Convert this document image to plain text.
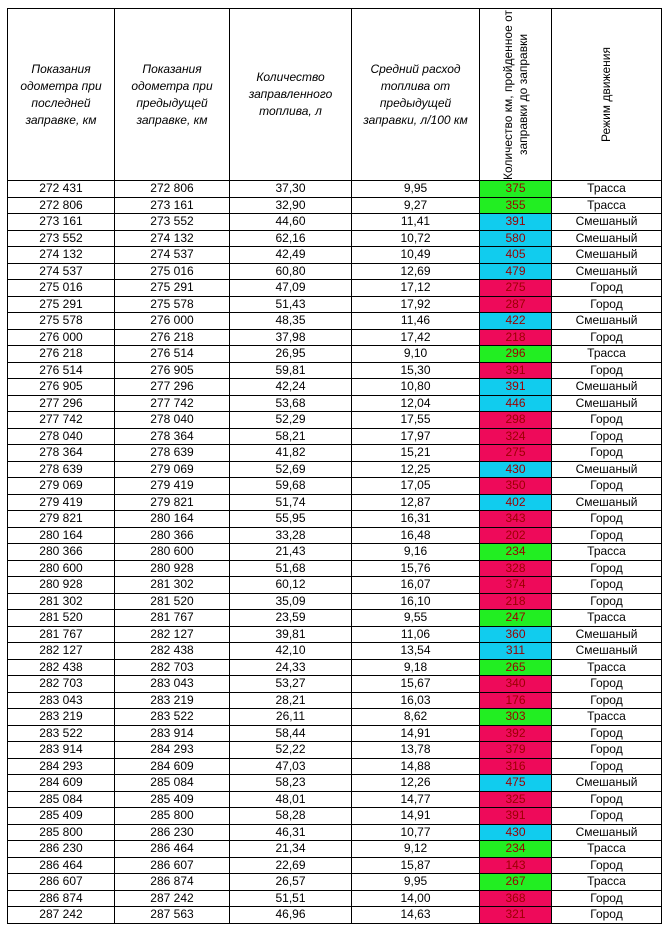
Показания одометра при последней заправке, км	Показания одометра при предыдущей заправке, км	Количество заправленного топлива, л	Средний расход топлива от предыдущей заправки, л/100 км	Количество км, пройденное от заправки до заправки	Режим движения

272 431	272 806	37,30	9,95	375	Трасса
272 806	273 161	32,90	9,27	355	Трасса
273 161	273 552	44,60	11,41	391	Смешаный
273 552	274 132	62,16	10,72	580	Смешаный
274 132	274 537	42,49	10,49	405	Смешаный
274 537	275 016	60,80	12,69	479	Смешаный
275 016	275 291	47,09	17,12	275	Город
275 291	275 578	51,43	17,92	287	Город
275 578	276 000	48,35	11,46	422	Смешаный
276 000	276 218	37,98	17,42	218	Город
276 218	276 514	26,95	9,10	296	Трасса
276 514	276 905	59,81	15,30	391	Город
276 905	277 296	42,24	10,80	391	Смешаный
277 296	277 742	53,68	12,04	446	Смешаный
277 742	278 040	52,29	17,55	298	Город
278 040	278 364	58,21	17,97	324	Город
278 364	278 639	41,82	15,21	275	Город
278 639	279 069	52,69	12,25	430	Смешаный
279 069	279 419	59,68	17,05	350	Город
279 419	279 821	51,74	12,87	402	Смешаный
279 821	280 164	55,95	16,31	343	Город
280 164	280 366	33,28	16,48	202	Город
280 366	280 600	21,43	9,16	234	Трасса
280 600	280 928	51,68	15,76	328	Город
280 928	281 302	60,12	16,07	374	Город
281 302	281 520	35,09	16,10	218	Город
281 520	281 767	23,59	9,55	247	Трасса
281 767	282 127	39,81	11,06	360	Смешаный
282 127	282 438	42,10	13,54	311	Смешаный
282 438	282 703	24,33	9,18	265	Трасса
282 703	283 043	53,27	15,67	340	Город
283 043	283 219	28,21	16,03	176	Город
283 219	283 522	26,11	8,62	303	Трасса
283 522	283 914	58,44	14,91	392	Город
283 914	284 293	52,22	13,78	379	Город
284 293	284 609	47,03	14,88	316	Город
284 609	285 084	58,23	12,26	475	Смешаный
285 084	285 409	48,01	14,77	325	Город
285 409	285 800	58,28	14,91	391	Город
285 800	286 230	46,31	10,77	430	Смешаный
286 230	286 464	21,34	9,12	234	Трасса
286 464	286 607	22,69	15,87	143	Город
286 607	286 874	26,57	9,95	267	Трасса
286 874	287 242	51,51	14,00	368	Город
287 242	287 563	46,96	14,63	321	Город
